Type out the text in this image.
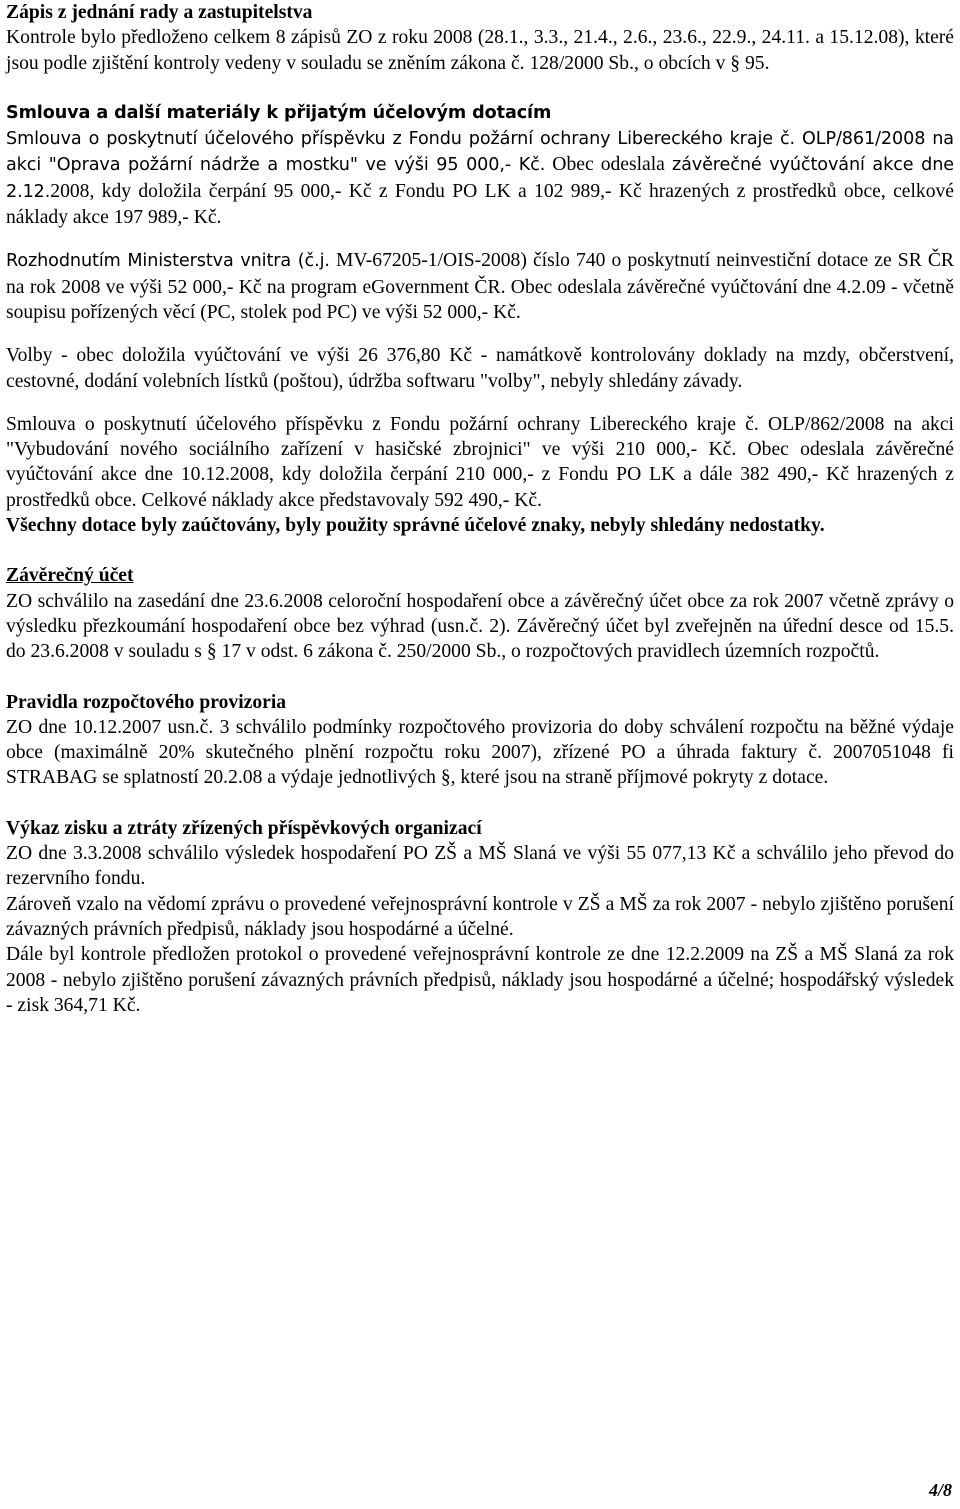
Zápis z jednání rady a zastupitelstva

Kontrole bylo předloženo celkem 8 zápisů ZO z roku 2008 (28.1., 3.3., 21.4., 2.6., 23.6., 22.9., 24.11. a 15.12.08), které jsou podle zjištění kontroly vedeny v souladu se zněním zákona č. 128/2000 Sb., o obcích v § 95.

Smlouva a další materiály k přijatým účelovým dotacím

Smlouva o poskytnutí účelového příspěvku z Fondu požární ochrany Libereckého kraje č. OLP/861/2008 na akci "Oprava požární nádrže a mostku" ve výši 95 000,- Kč. Obec odeslala závěrečné vyúčtování akce dne 2.12.2008, kdy doložila čerpání 95 000,- Kč z Fondu PO LK a 102 989,- Kč hrazených z prostředků obce, celkové náklady akce 197 989,- Kč.

Rozhodnutím Ministerstva vnitra (č.j. MV-67205-1/OIS-2008) číslo 740 o poskytnutí neinvestiční dotace ze SR ČR na rok 2008 ve výši 52 000,- Kč na program eGovernment ČR. Obec odeslala závěrečné vyúčtování dne 4.2.09 - včetně soupisu pořízených věcí (PC, stolek pod PC) ve výši 52 000,- Kč.

Volby - obec doložila vyúčtování ve výši 26 376,80 Kč - namátkově kontrolovány doklady na mzdy, občerstvení, cestovné, dodání volebních lístků (poštou), údržba softwaru "volby", nebyly shledány závady.

Smlouva o poskytnutí účelového příspěvku z Fondu požární ochrany Libereckého kraje č. OLP/862/2008 na akci "Vybudování nového sociálního zařízení v hasičské zbrojnici" ve výši 210 000,- Kč. Obec odeslala závěrečné vyúčtování akce dne 10.12.2008, kdy doložila čerpání 210 000,- z Fondu PO LK a dále 382 490,- Kč hrazených z prostředků obce. Celkové náklady akce představovaly 592 490,- Kč.

Všechny dotace byly zaúčtovány, byly použity správné účelové znaky, nebyly shledány nedostatky.

Závěrečný účet

ZO schválilo na zasedání dne 23.6.2008 celoroční hospodaření obce a závěrečný účet obce za rok 2007 včetně zprávy o výsledku přezkoumání hospodaření obce bez výhrad (usn.č. 2). Závěrečný účet byl zveřejněn na úřední desce od 15.5. do 23.6.2008 v souladu s § 17 v odst. 6 zákona č. 250/2000 Sb., o rozpočtových pravidlech územních rozpočtů.

Pravidla rozpočtového provizoria

ZO dne 10.12.2007 usn.č. 3 schválilo podmínky rozpočtového provizoria do doby schválení rozpočtu na běžné výdaje obce (maximálně 20% skutečného plnění rozpočtu roku 2007), zřízené PO a úhrada faktury č. 2007051048 fi STRABAG se splatností 20.2.08 a výdaje jednotlivých §, které jsou na straně příjmové pokryty z dotace.

Výkaz zisku a ztráty zřízených příspěvkových organizací

ZO dne 3.3.2008 schválilo výsledek hospodaření PO ZŠ a MŠ Slaná ve výši 55 077,13 Kč a schválilo jeho převod do rezervního fondu.

Zároveň vzalo na vědomí zprávu o provedené veřejnosprávní kontrole v ZŠ a MŠ za rok 2007 - nebylo zjištěno porušení závazných právních předpisů, náklady jsou hospodárné a účelné.

Dále byl kontrole předložen protokol o provedené veřejnosprávní kontrole ze dne 12.2.2009 na ZŠ a MŠ Slaná za rok 2008 - nebylo zjištěno porušení závazných právních předpisů, náklady jsou hospodárné a účelné; hospodářský výsledek - zisk 364,71 Kč.

4/8
